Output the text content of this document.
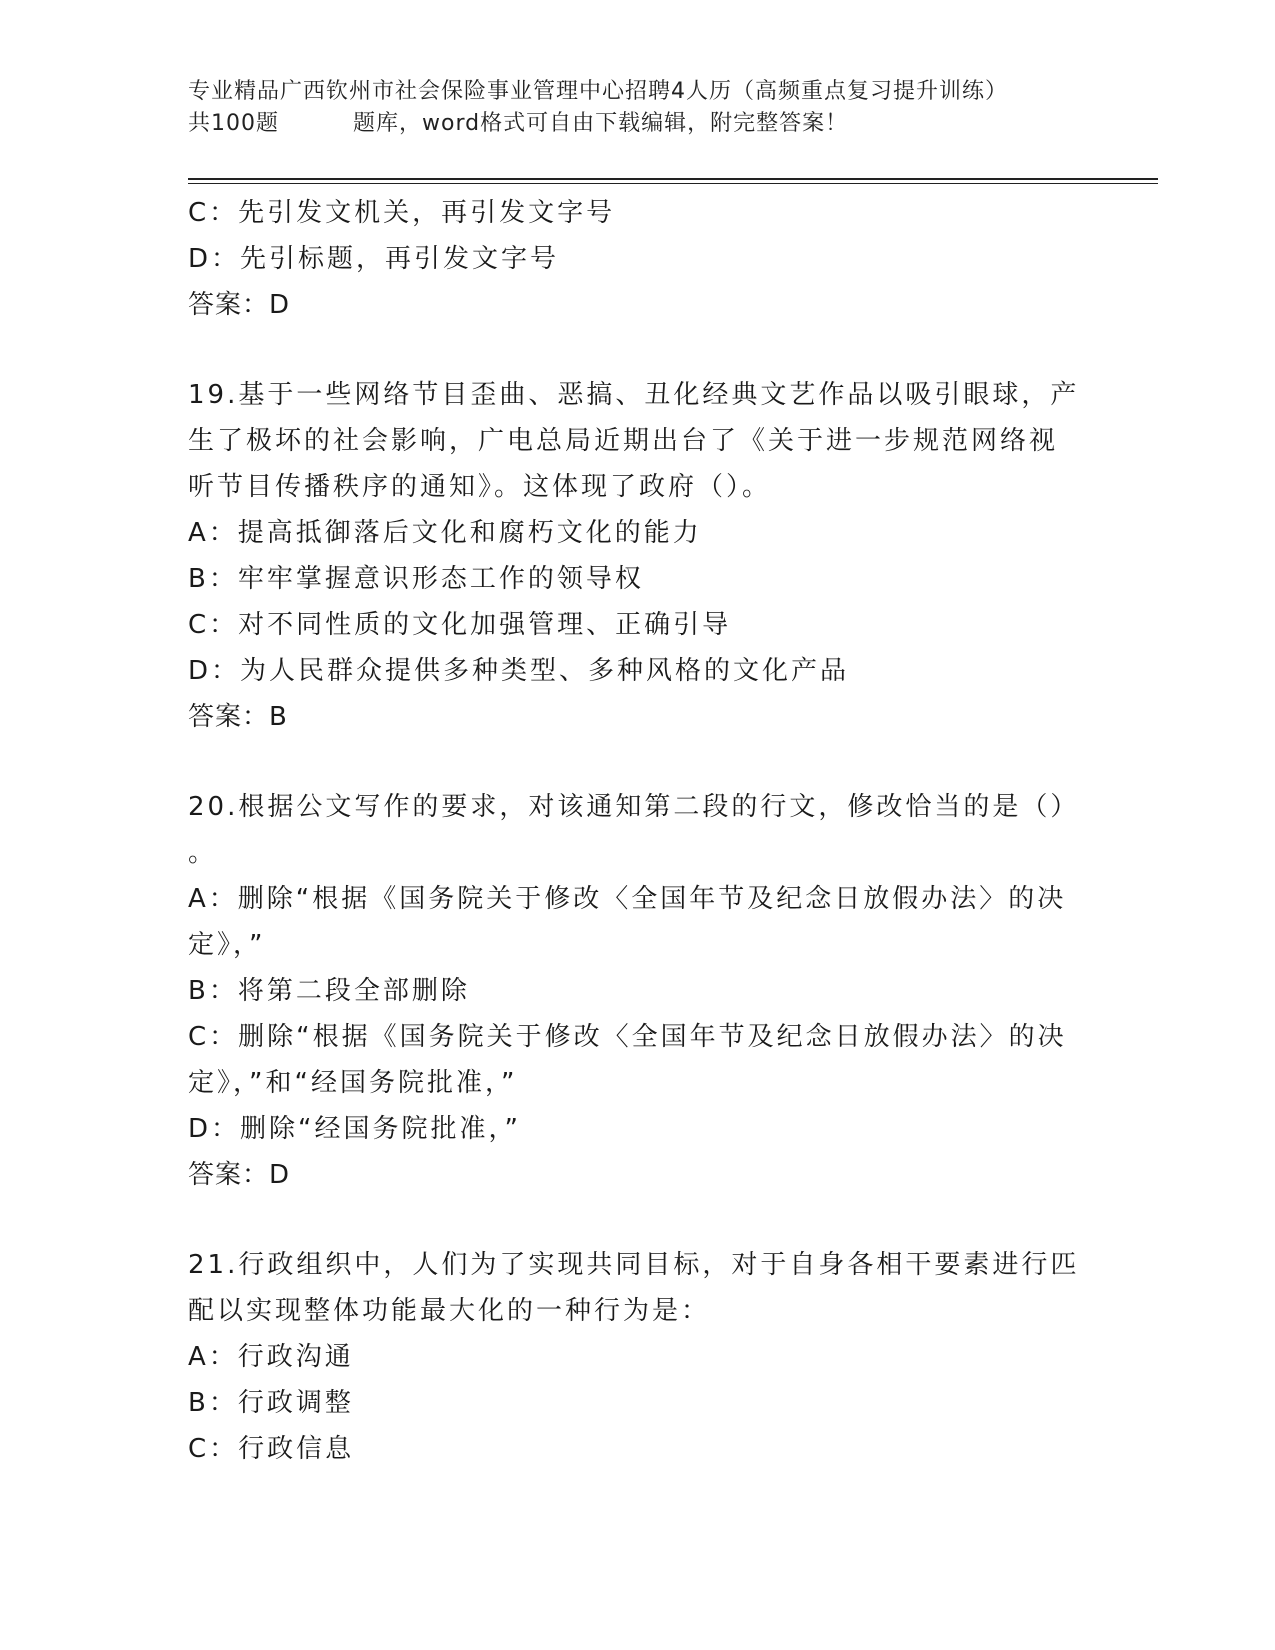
专业精品广西钦州市社会保险事业管理中心招聘4人历（高频重点复习提升训练）
共100题	题库，word格式可自由下载编辑，附完整答案！
C：先引发文机关，再引发文字号
D：先引标题，再引发文字号
答案：D
19.基于一些网络节目歪曲、恶搞、丑化经典文艺作品以吸引眼球，产
生了极坏的社会影响，广电总局近期出台了《关于进一步规范网络视
听节目传播秩序的通知》。这体现了政府（）。
A：提高抵御落后文化和腐朽文化的能力
B：牢牢掌握意识形态工作的领导权
C：对不同性质的文化加强管理、正确引导
D：为人民群众提供多种类型、多种风格的文化产品
答案：B
20.根据公文写作的要求，对该通知第二段的行文，修改恰当的是（）
。
A：删除“根据《国务院关于修改〈全国年节及纪念日放假办法〉的决
定》，”
B：将第二段全部删除
C：删除“根据《国务院关于修改〈全国年节及纪念日放假办法〉的决
定》，”和“经国务院批准，”
D：删除“经国务院批准，”
答案：D
21.行政组织中，人们为了实现共同目标，对于自身各相干要素进行匹
配以实现整体功能最大化的一种行为是：
A：行政沟通
B：行政调整
C：行政信息
